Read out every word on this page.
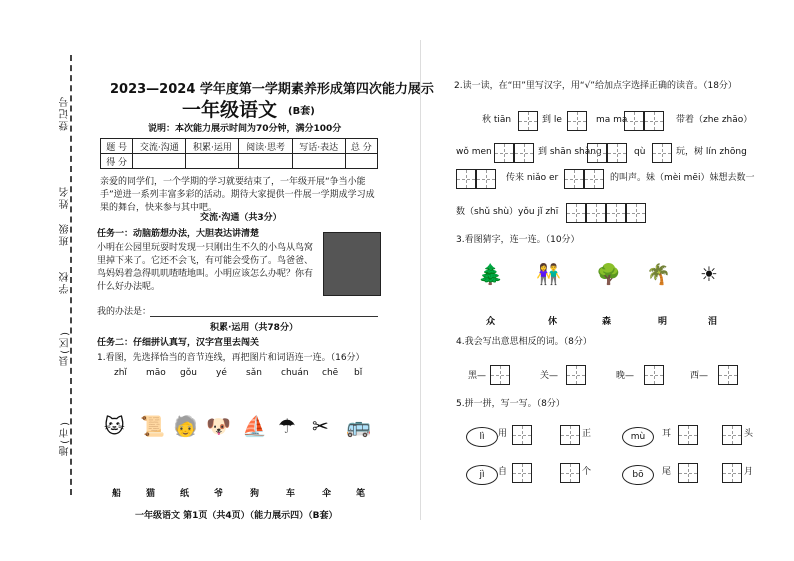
登记号
姓名
班级
学校
县(区)
地(市)
2023—2024 学年度第一学期素养形成第四次能力展示
一年级语文 (B套)
说明：本次能力展示时间为70分钟，满分100分
题 号	交流·沟通	积累·运用	阅读·思考	写话·表达	总 分
得 分					
亲爱的同学们，一个学期的学习就要结束了，一年级开展“争当小能手”逆进一系列丰富多彩的活动。期待大家提供一件展一学期成学习成果的舞台，快来参与其中吧。
交流·沟通（共3分）
任务一：动脑筋想办法，大胆表达讲清楚
小明在公园里玩耍时发现一只刚出生不久的小鸟从鸟窝里掉下来了。它还不会飞，有可能会受伤了。鸟爸爸、鸟妈妈着急得叽叽喳喳地叫。小明应该怎么办呢？你有什么好办法呢。
我的办法是：
积累·运用（共78分）
任务二：仔细拼认真写，汉字宫里去闯关
1.看图，先选择恰当的音节连线，再把图片和词语连一连。（16分）
zhǐ māo gǒu yé sǎn chuán chē bǐ
🐱 📜 🧓 🐶 ⛵ ☂ ✂ 🚌
船	猫	纸	爷	狗	车	伞	笔
一年级语文 第1页（共4页）（能力展示四）（B套）
2.读一读，在“田”里写汉字，用“√”给加点字选择正确的读音。（18分）
秋 tiān	到 le	ma ma	带着（zhe zhāo）
wǒ men	到 shān shàng	qù	玩，树 lín zhōng
传来 niǎo er	的叫声。妹（mèi mēi）妹想去数一
数（shǔ shù）yǒu jǐ zhī
3.看图猜字，连一连。（10分）
🌲 👫 🌳 🌴 ☀
众	休	森	明	泪
4.我会写出意思相反的词。（8分）
黑—	关—	晚—	西—
5.拼一拼，写一写。（8分）
lì	用	正	mù	耳	头
jì	自	个	bō	尾	月
